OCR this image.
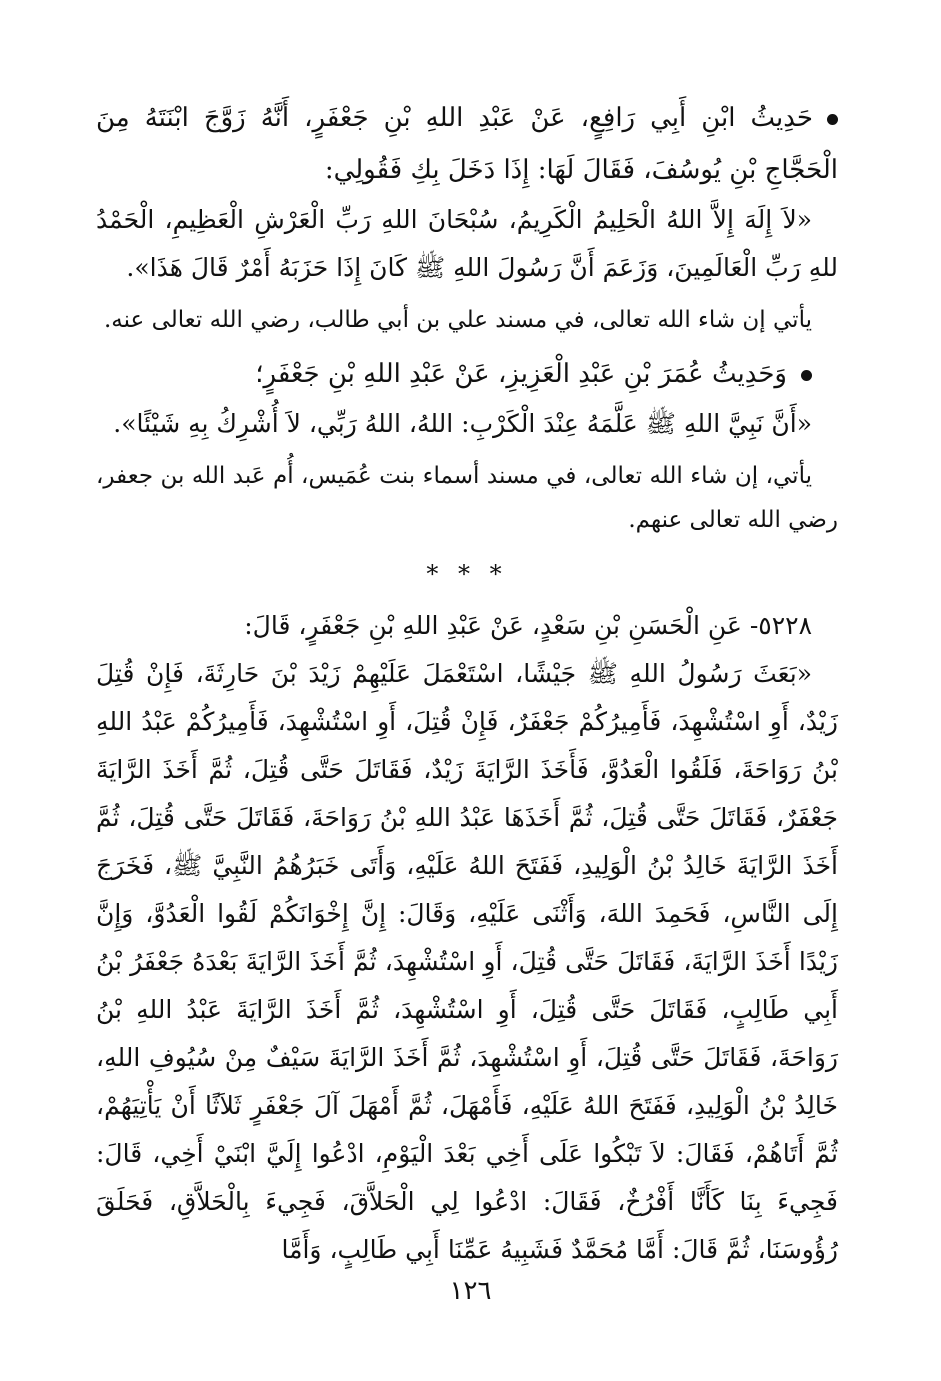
حَدِيثُ ابْنِ أَبِي رَافِعٍ، عَنْ عَبْدِ اللهِ بْنِ جَعْفَرٍ، أَنَّهُ زَوَّجَ ابْنَتَهُ مِنَ الْحَجَّاجِ بْنِ يُوسُفَ، فَقَالَ لَهَا: إِذَا دَخَلَ بِكِ فَقُولِي:

«لاَ إِلَهَ إِلاَّ اللهُ الْحَلِيمُ الْكَرِيمُ، سُبْحَانَ اللهِ رَبِّ الْعَرْشِ الْعَظِيمِ، الْحَمْدُ للهِ رَبِّ الْعَالَمِينَ، وَزَعَمَ أَنَّ رَسُولَ اللهِ ﷺ كَانَ إِذَا حَزَبَهُ أَمْرٌ قَالَ هَذَا».

يأتي إن شاء الله تعالى، في مسند علي بن أبي طالب، رضي الله تعالى عنه.

وَحَدِيثُ عُمَرَ بْنِ عَبْدِ الْعَزِيزِ، عَنْ عَبْدِ اللهِ بْنِ جَعْفَرٍ؛

«أَنَّ نَبِيَّ اللهِ ﷺ عَلَّمَهُ عِنْدَ الْكَرْبِ: اللهُ، اللهُ رَبِّي، لاَ أُشْرِكُ بِهِ شَيْئًا».

يأتي، إن شاء الله تعالى، في مسند أسماء بنت عُمَيس، أُم عَبد الله بن جعفر، رضي الله تعالى عنهم.

* * *

٥٢٢٨- عَنِ الْحَسَنِ بْنِ سَعْدٍ، عَنْ عَبْدِ اللهِ بْنِ جَعْفَرٍ، قَالَ:

«بَعَثَ رَسُولُ اللهِ ﷺ جَيْشًا، اسْتَعْمَلَ عَلَيْهِمْ زَيْدَ بْنَ حَارِثَةَ، فَإِنْ قُتِلَ زَيْدٌ، أَوِ اسْتُشْهِدَ، فَأَمِيرُكُمْ جَعْفَرٌ، فَإِنْ قُتِلَ، أَوِ اسْتُشْهِدَ، فَأَمِيرُكُمْ عَبْدُ اللهِ بْنُ رَوَاحَةَ، فَلَقُوا الْعَدُوَّ، فَأَخَذَ الرَّايَةَ زَيْدٌ، فَقَاتَلَ حَتَّى قُتِلَ، ثُمَّ أَخَذَ الرَّايَةَ جَعْفَرٌ، فَقَاتَلَ حَتَّى قُتِلَ، ثُمَّ أَخَذَهَا عَبْدُ اللهِ بْنُ رَوَاحَةَ، فَقَاتَلَ حَتَّى قُتِلَ، ثُمَّ أَخَذَ الرَّايَةَ خَالِدُ بْنُ الْوَلِيدِ، فَفَتَحَ اللهُ عَلَيْهِ، وَأَتَى خَبَرُهُمُ النَّبِيَّ ﷺ، فَخَرَجَ إِلَى النَّاسِ، فَحَمِدَ اللهَ، وَأَثْنَى عَلَيْهِ، وَقَالَ: إِنَّ إِخْوَانَكُمْ لَقُوا الْعَدُوَّ، وَإِنَّ زَيْدًا أَخَذَ الرَّايَةَ، فَقَاتَلَ حَتَّى قُتِلَ، أَوِ اسْتُشْهِدَ، ثُمَّ أَخَذَ الرَّايَةَ بَعْدَهُ جَعْفَرُ بْنُ أَبِي طَالِبٍ، فَقَاتَلَ حَتَّى قُتِلَ، أَوِ اسْتُشْهِدَ، ثُمَّ أَخَذَ الرَّايَةَ عَبْدُ اللهِ بْنُ رَوَاحَةَ، فَقَاتَلَ حَتَّى قُتِلَ، أَوِ اسْتُشْهِدَ، ثُمَّ أَخَذَ الرَّايَةَ سَيْفٌ مِنْ سُيُوفِ اللهِ، خَالِدُ بْنُ الْوَلِيدِ، فَفَتَحَ اللهُ عَلَيْهِ، فَأَمْهَلَ، ثُمَّ أَمْهَلَ آلَ جَعْفَرٍ ثَلاَثًا أَنْ يَأْتِيَهُمْ، ثُمَّ أَتَاهُمْ، فَقَالَ: لاَ تَبْكُوا عَلَى أَخِي بَعْدَ الْيَوْمِ، ادْعُوا إِلَيَّ ابْنَيْ أَخِي، قَالَ: فَجِيءَ بِنَا كَأَنَّا أَفْرُخٌ، فَقَالَ: ادْعُوا لِي الْحَلاَّقَ، فَجِيءَ بِالْحَلاَّقِ، فَحَلَقَ رُؤُوسَنَا، ثُمَّ قَالَ: أَمَّا مُحَمَّدٌ فَشَبِيهُ عَمِّنَا أَبِي طَالِبٍ، وَأَمَّا

١٢٦
